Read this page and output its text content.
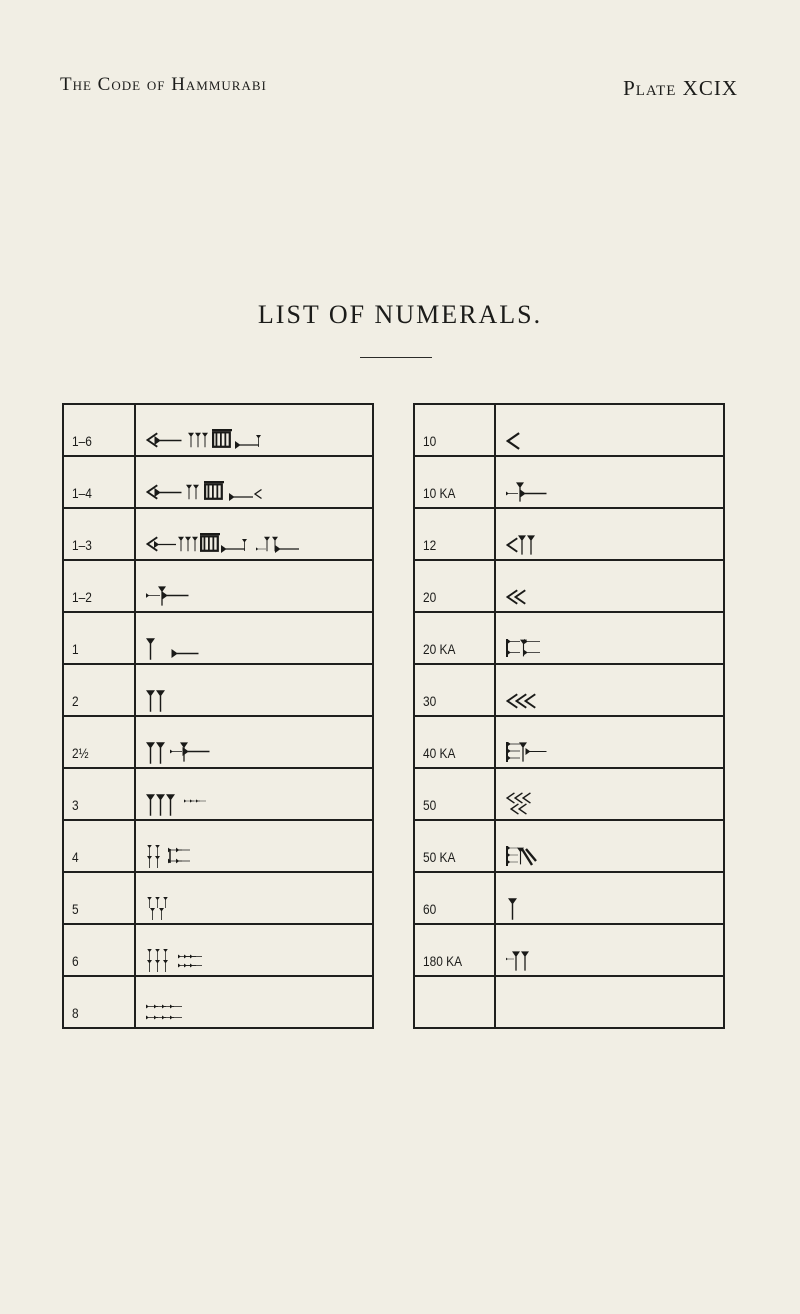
The Code of Hammurabi	Plate XCIX
LIST OF NUMERALS.
1–6	

1–4	

1–3	

1–2	

1	

2	

2½	

3	

4	

5	

6	

8	
10	

10 KA	

12	

20	

20 KA	

30	

40 KA	

50	

50 KA	

60	

180 KA	
